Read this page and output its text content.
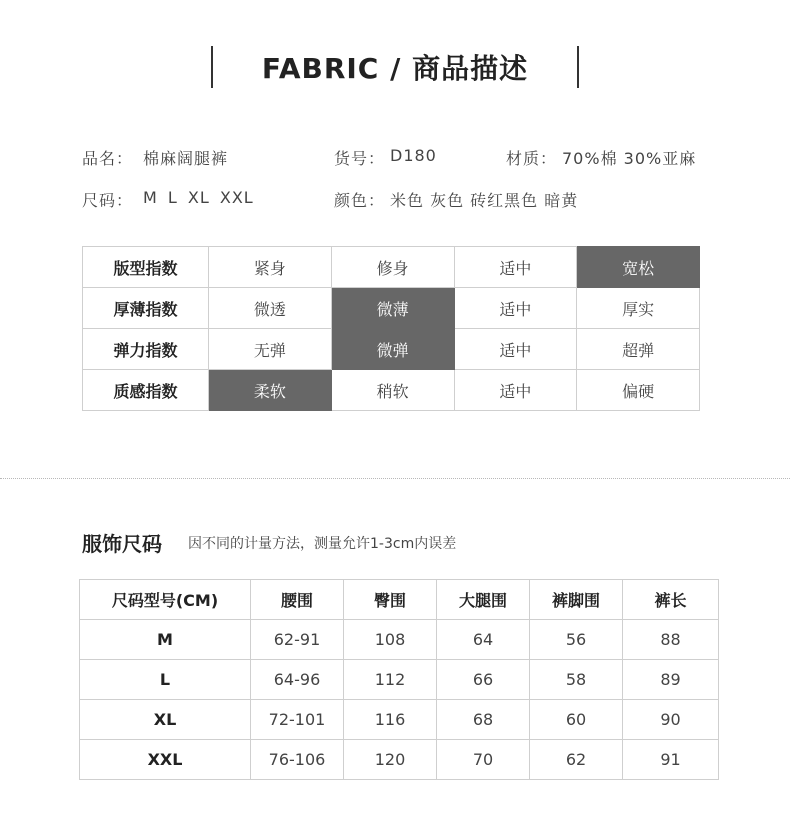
FABRIC / 商品描述
品名： 棉麻阔腿裤	货号： D180	材质： 70%棉 30%亚麻
尺码： M L XL XXL	颜色： 米色 灰色 砖红黑色 暗黄
版型指数	紧身	修身	适中	宽松
厚薄指数	微透	微薄	适中	厚实
弹力指数	无弹	微弹	适中	超弹
质感指数	柔软	稍软	适中	偏硬
服饰尺码 因不同的计量方法，测量允许1-3cm内误差
尺码型号(CM)	腰围	臀围	大腿围	裤脚围	裤长
M	62-91	108	64	56	88
L	64-96	112	66	58	89
XL	72-101	116	68	60	90
XXL	76-106	120	70	62	91
